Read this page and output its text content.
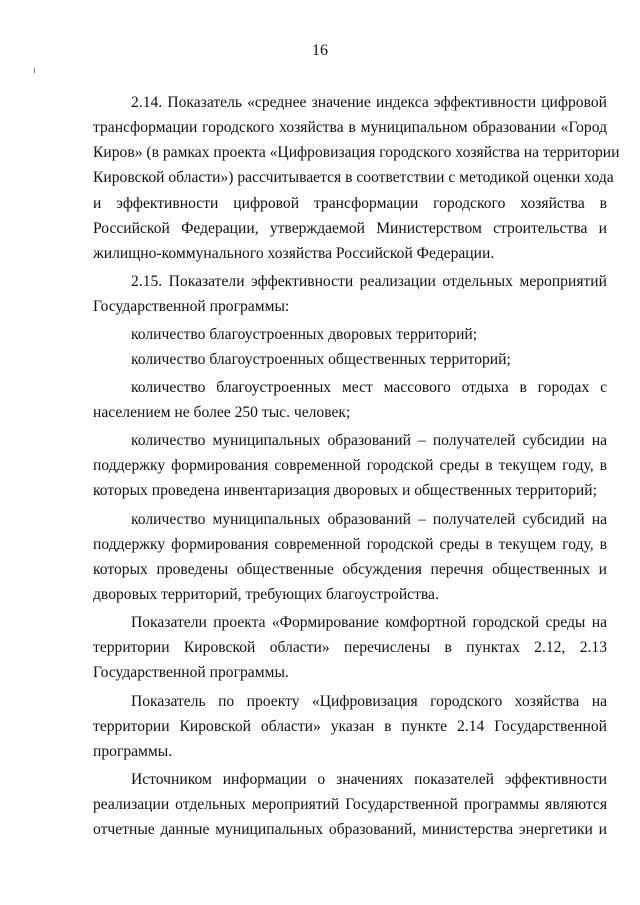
16
2.14. Показатель «среднее значение индекса эффективности цифровой
трансформации городского хозяйства в муниципальном образовании «Город
Киров» (в рамках проекта «Цифровизация городского хозяйства на территории
Кировской области») рассчитывается в соответствии с методикой оценки хода
и эффективности цифровой трансформации городского хозяйства в
Российской Федерации, утверждаемой Министерством строительства и
жилищно-коммунального хозяйства Российской Федерации.
2.15. Показатели эффективности реализации отдельных мероприятий
Государственной программы:
количество благоустроенных дворовых территорий;
количество благоустроенных общественных территорий;
количество благоустроенных мест массового отдыха в городах с
населением не более 250 тыс. человек;
количество муниципальных образований – получателей субсидии на
поддержку формирования современной городской среды в текущем году, в
которых проведена инвентаризация дворовых и общественных территорий;
количество муниципальных образований – получателей субсидий на
поддержку формирования современной городской среды в текущем году, в
которых проведены общественные обсуждения перечня общественных и
дворовых территорий, требующих благоустройства.
Показатели проекта «Формирование комфортной городской среды на
территории Кировской области» перечислены в пунктах 2.12, 2.13
Государственной программы.
Показатель по проекту «Цифровизация городского хозяйства на
территории Кировской области» указан в пункте 2.14 Государственной
программы.
Источником информации о значениях показателей эффективности
реализации отдельных мероприятий Государственной программы являются
отчетные данные муниципальных образований, министерства энергетики и
